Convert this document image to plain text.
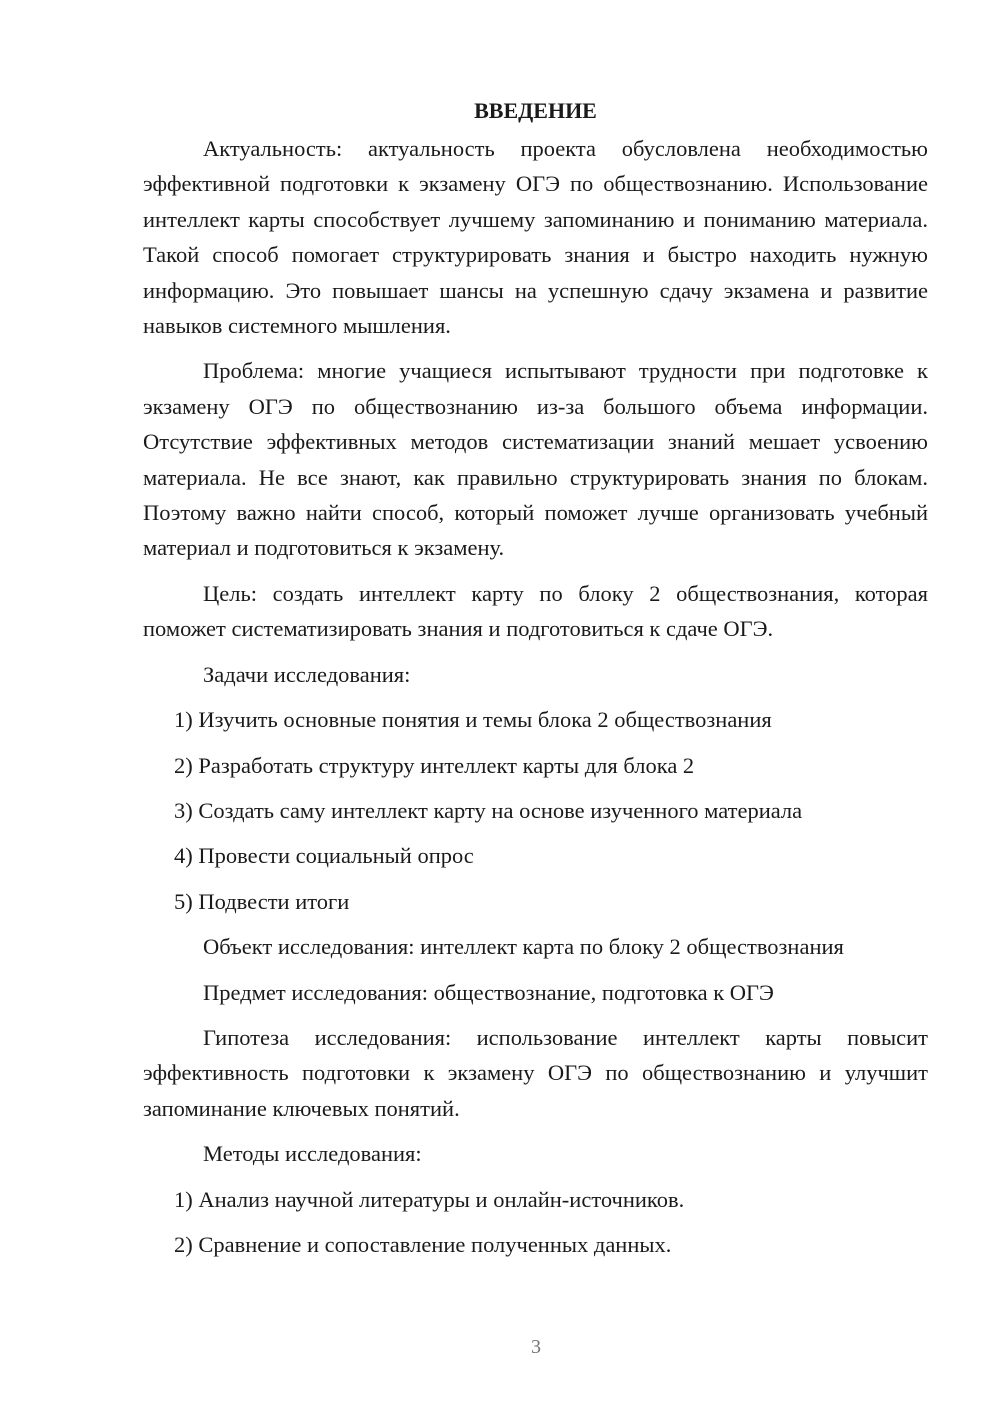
ВВЕДЕНИЕ

Актуальность: актуальность проекта обусловлена необходимостью эффективной подготовки к экзамену ОГЭ по обществознанию. Использование интеллект карты способствует лучшему запоминанию и пониманию материала. Такой способ помогает структурировать знания и быстро находить нужную информацию. Это повышает шансы на успешную сдачу экзамена и развитие навыков системного мышления.

Проблема: многие учащиеся испытывают трудности при подготовке к экзамену ОГЭ по обществознанию из-за большого объема информации. Отсутствие эффективных методов систематизации знаний мешает усвоению материала. Не все знают, как правильно структурировать знания по блокам. Поэтому важно найти способ, который поможет лучше организовать учебный материал и подготовиться к экзамену.

Цель: создать интеллект карту по блоку 2 обществознания, которая поможет систематизировать знания и подготовиться к сдаче ОГЭ.

Задачи исследования:
1) Изучить основные понятия и темы блока 2 обществознания
2) Разработать структуру интеллект карты для блока 2
3) Создать саму интеллект карту на основе изученного материала
4) Провести социальный опрос
5) Подвести итоги
Объект исследования: интеллект карта по блоку 2 обществознания
Предмет исследования: обществознание, подготовка к ОГЭ

Гипотеза исследования: использование интеллект карты повысит эффективность подготовки к экзамену ОГЭ по обществознанию и улучшит запоминание ключевых понятий.

Методы исследования:
1) Анализ научной литературы и онлайн-источников.
2) Сравнение и сопоставление полученных данных.
3
